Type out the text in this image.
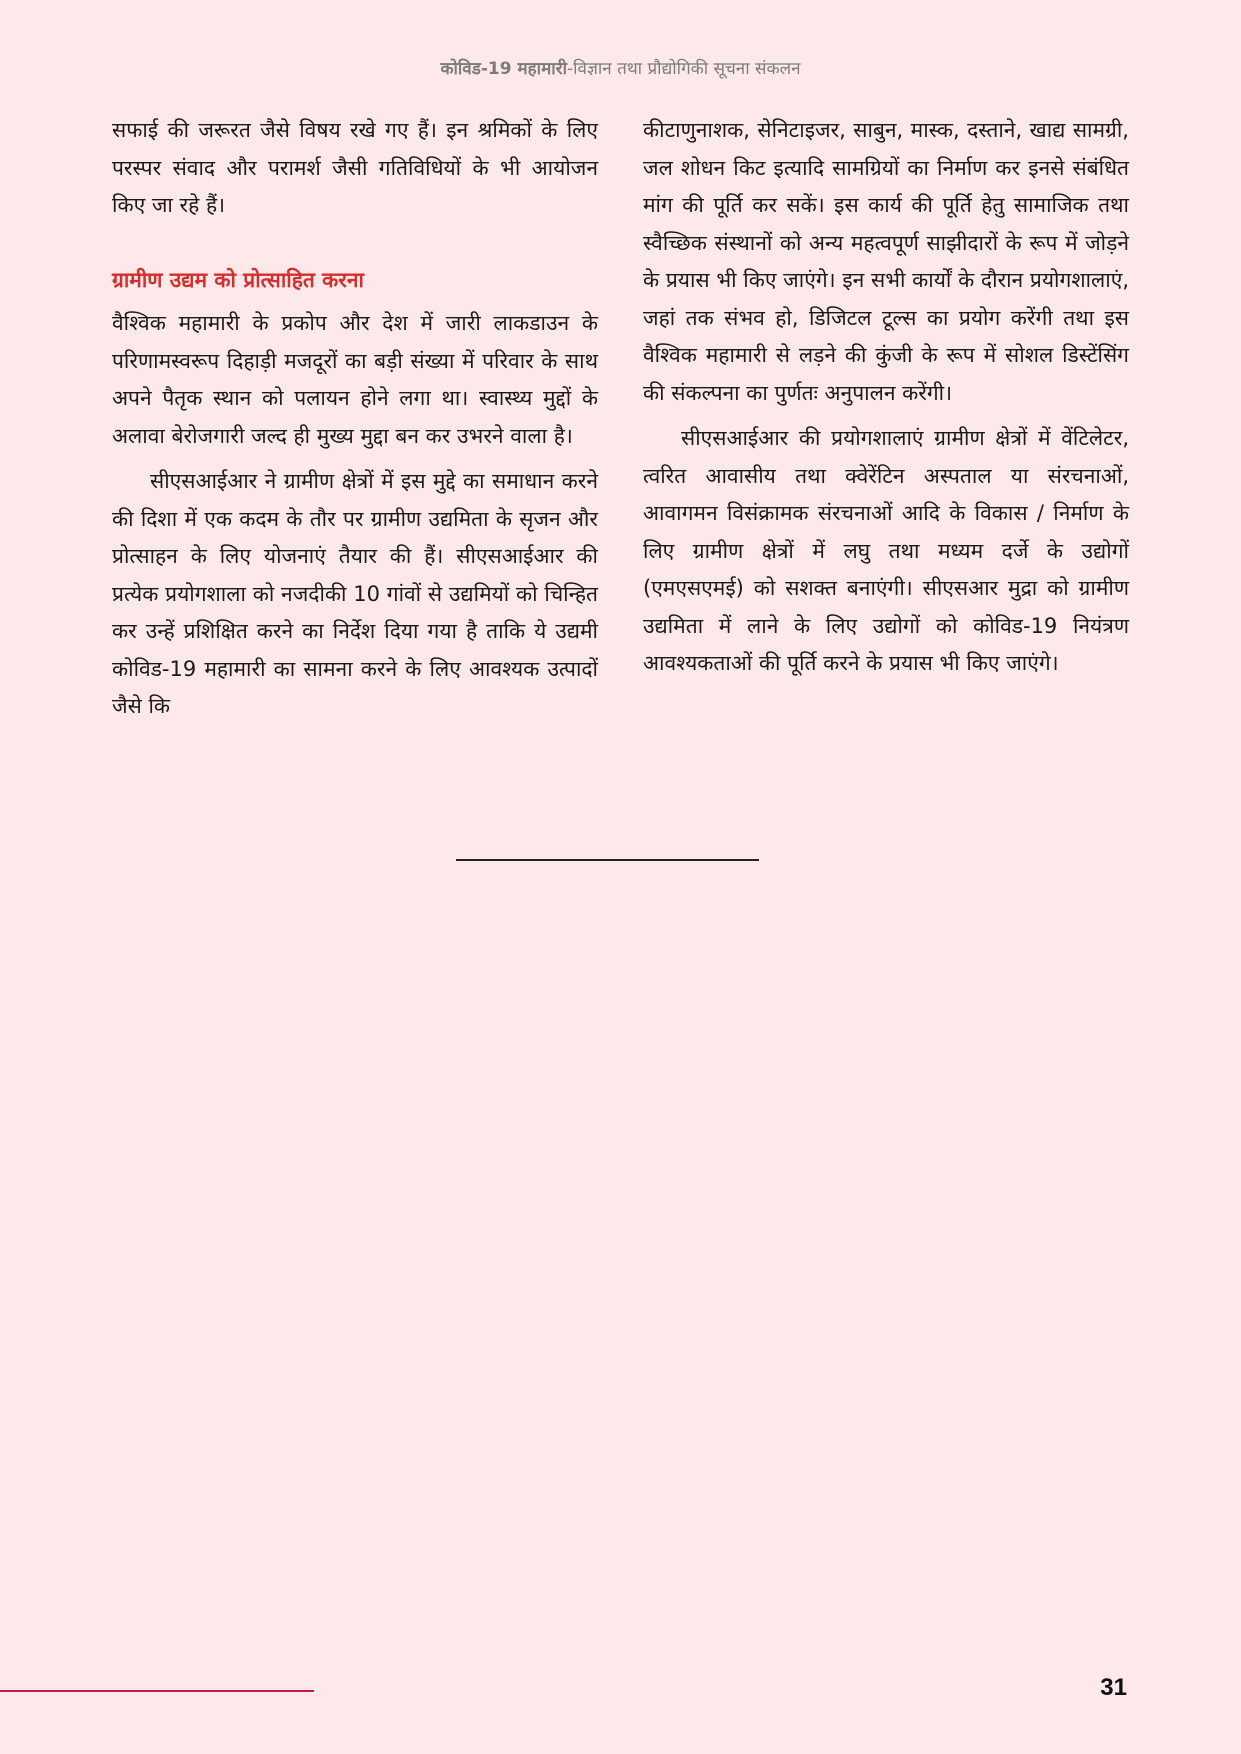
कोविड-19 महामारी-विज्ञान तथा प्रौद्योगिकी सूचना संकलन

सफाई की जरूरत जैसे विषय रखे गए हैं। इन श्रमिकों के लिए परस्पर संवाद और परामर्श जैसी गतिविधियों के भी आयोजन किए जा रहे हैं।

ग्रामीण उद्यम को प्रोत्साहित करना

वैश्विक महामारी के प्रकोप और देश में जारी लाकडाउन के परिणामस्वरूप दिहाड़ी मजदूरों का बड़ी संख्या में परिवार के साथ अपने पैतृक स्थान को पलायन होने लगा था। स्वास्थ्य मुद्दों के अलावा बेरोजगारी जल्द ही मुख्य मुद्दा बन कर उभरने वाला है।

सीएसआईआर ने ग्रामीण क्षेत्रों में इस मुद्दे का समाधान करने की दिशा में एक कदम के तौर पर ग्रामीण उद्यमिता के सृजन और प्रोत्साहन के लिए योजनाएं तैयार की हैं। सीएसआईआर की प्रत्येक प्रयोगशाला को नजदीकी 10 गांवों से उद्यमियों को चिन्हित कर उन्हें प्रशिक्षित करने का निर्देश दिया गया है ताकि ये उद्यमी कोविड-19 महामारी का सामना करने के लिए आवश्यक उत्पादों जैसे कि

कीटाणुनाशक, सेनिटाइजर, साबुन, मास्क, दस्ताने, खाद्य सामग्री, जल शोधन किट इत्यादि सामग्रियों का निर्माण कर इनसे संबंधित मांग की पूर्ति कर सकें। इस कार्य की पूर्ति हेतु सामाजिक तथा स्वैच्छिक संस्थानों को अन्य महत्वपूर्ण साझीदारों के रूप में जोड़ने के प्रयास भी किए जाएंगे। इन सभी कार्यों के दौरान प्रयोगशालाएं, जहां तक संभव हो, डिजिटल टूल्स का प्रयोग करेंगी तथा इस वैश्विक महामारी से लड़ने की कुंजी के रूप में सोशल डिस्टेंसिंग की संकल्पना का पुर्णतः अनुपालन करेंगी।

सीएसआईआर की प्रयोगशालाएं ग्रामीण क्षेत्रों में वेंटिलेटर, त्वरित आवासीय तथा क्वेरेंटिन अस्पताल या संरचनाओं, आवागमन विसंक्रामक संरचनाओं आदि के विकास / निर्माण के लिए ग्रामीण क्षेत्रों में लघु तथा मध्यम दर्जे के उद्योगों (एमएसएमई) को सशक्त बनाएंगी। सीएसआर मुद्रा को ग्रामीण उद्यमिता में लाने के लिए उद्योगों को कोविड-19 नियंत्रण आवश्यकताओं की पूर्ति करने के प्रयास भी किए जाएंगे।

31
